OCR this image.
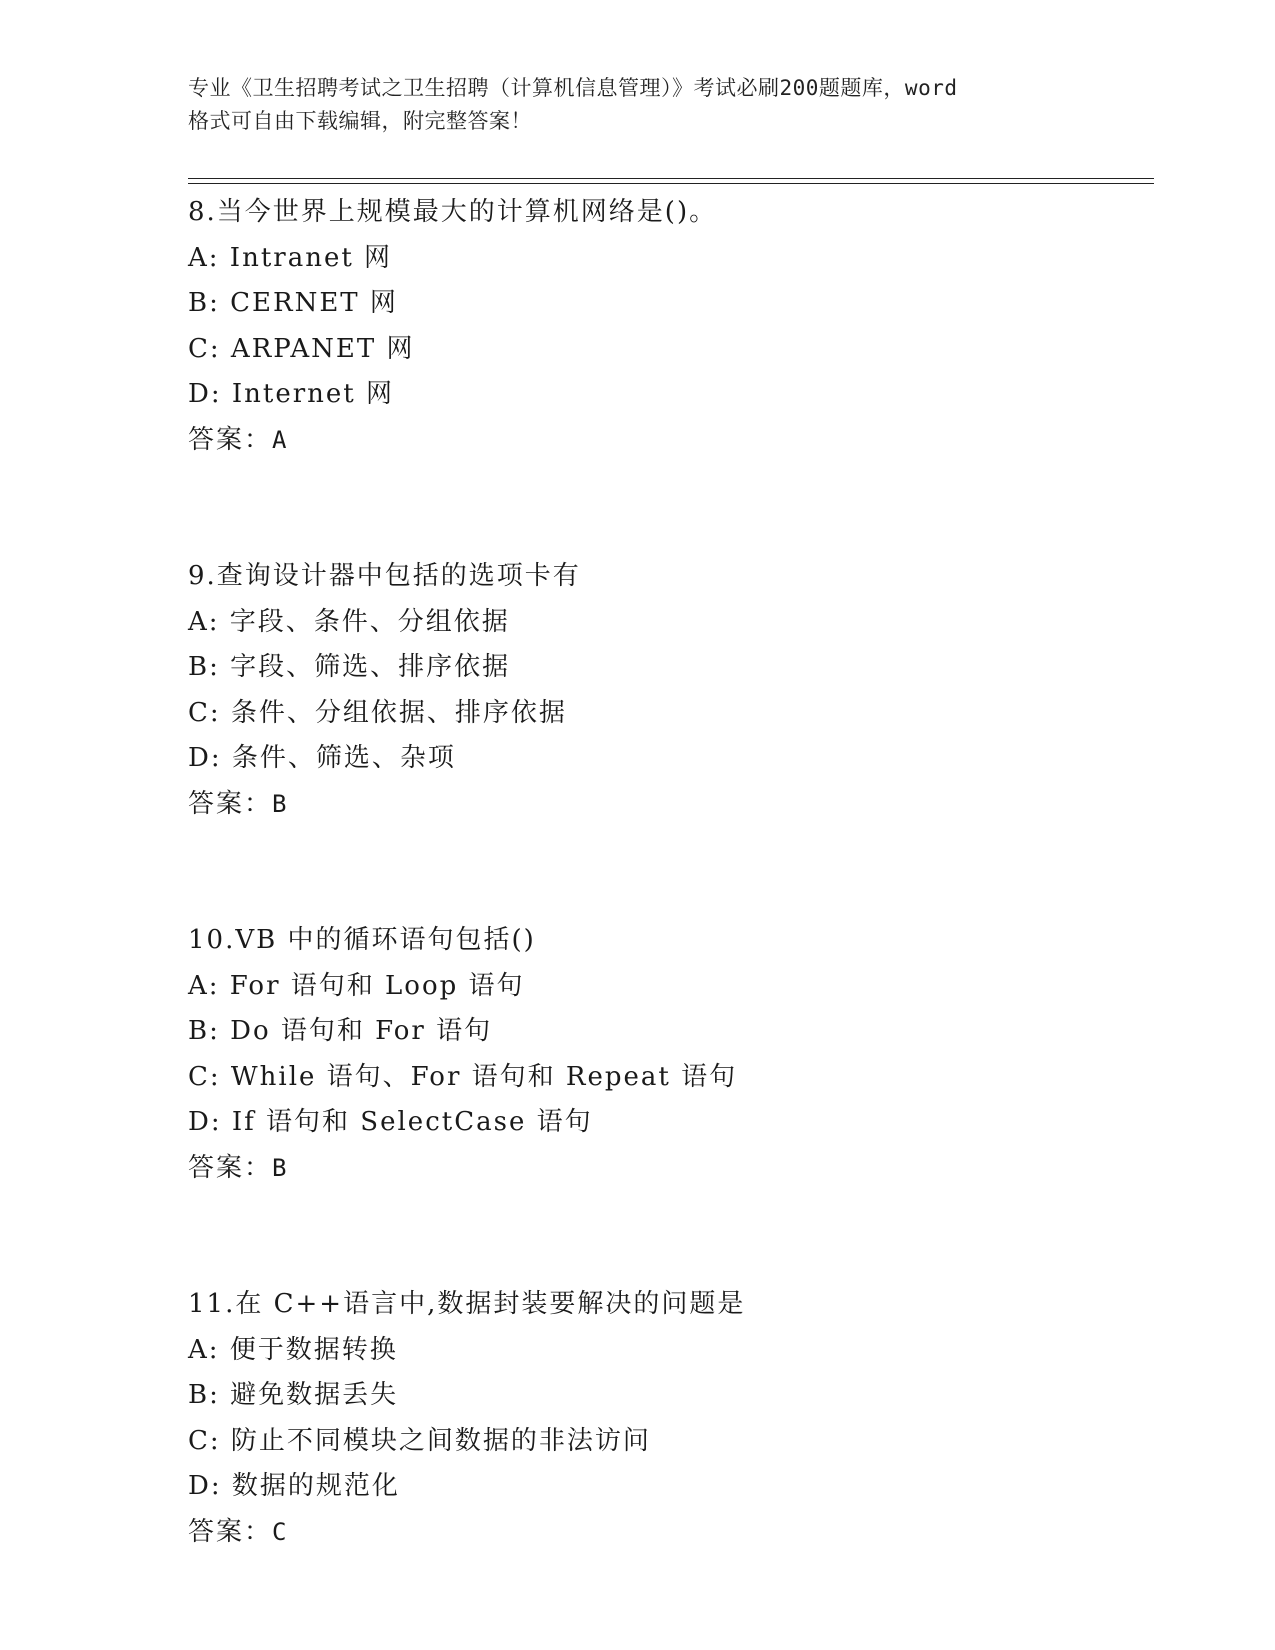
专业《卫生招聘考试之卫生招聘（计算机信息管理）》考试必刷200题题库，word
格式可自由下载编辑，附完整答案！
8.当今世界上规模最大的计算机网络是()。
A: Intranet 网
B: CERNET 网
C: ARPANET 网
D: Internet 网
答案：A
9.查询设计器中包括的选项卡有
A: 字段、条件、分组依据
B: 字段、筛选、排序依据
C: 条件、分组依据、排序依据
D: 条件、筛选、杂项
答案：B
10.VB 中的循环语句包括()
A: For 语句和 Loop 语句
B: Do 语句和 For 语句
C: While 语句、For 语句和 Repeat 语句
D: If 语句和 SelectCase 语句
答案：B
11.在 C++语言中,数据封装要解决的问题是
A: 便于数据转换
B: 避免数据丢失
C: 防止不同模块之间数据的非法访问
D: 数据的规范化
答案：C
